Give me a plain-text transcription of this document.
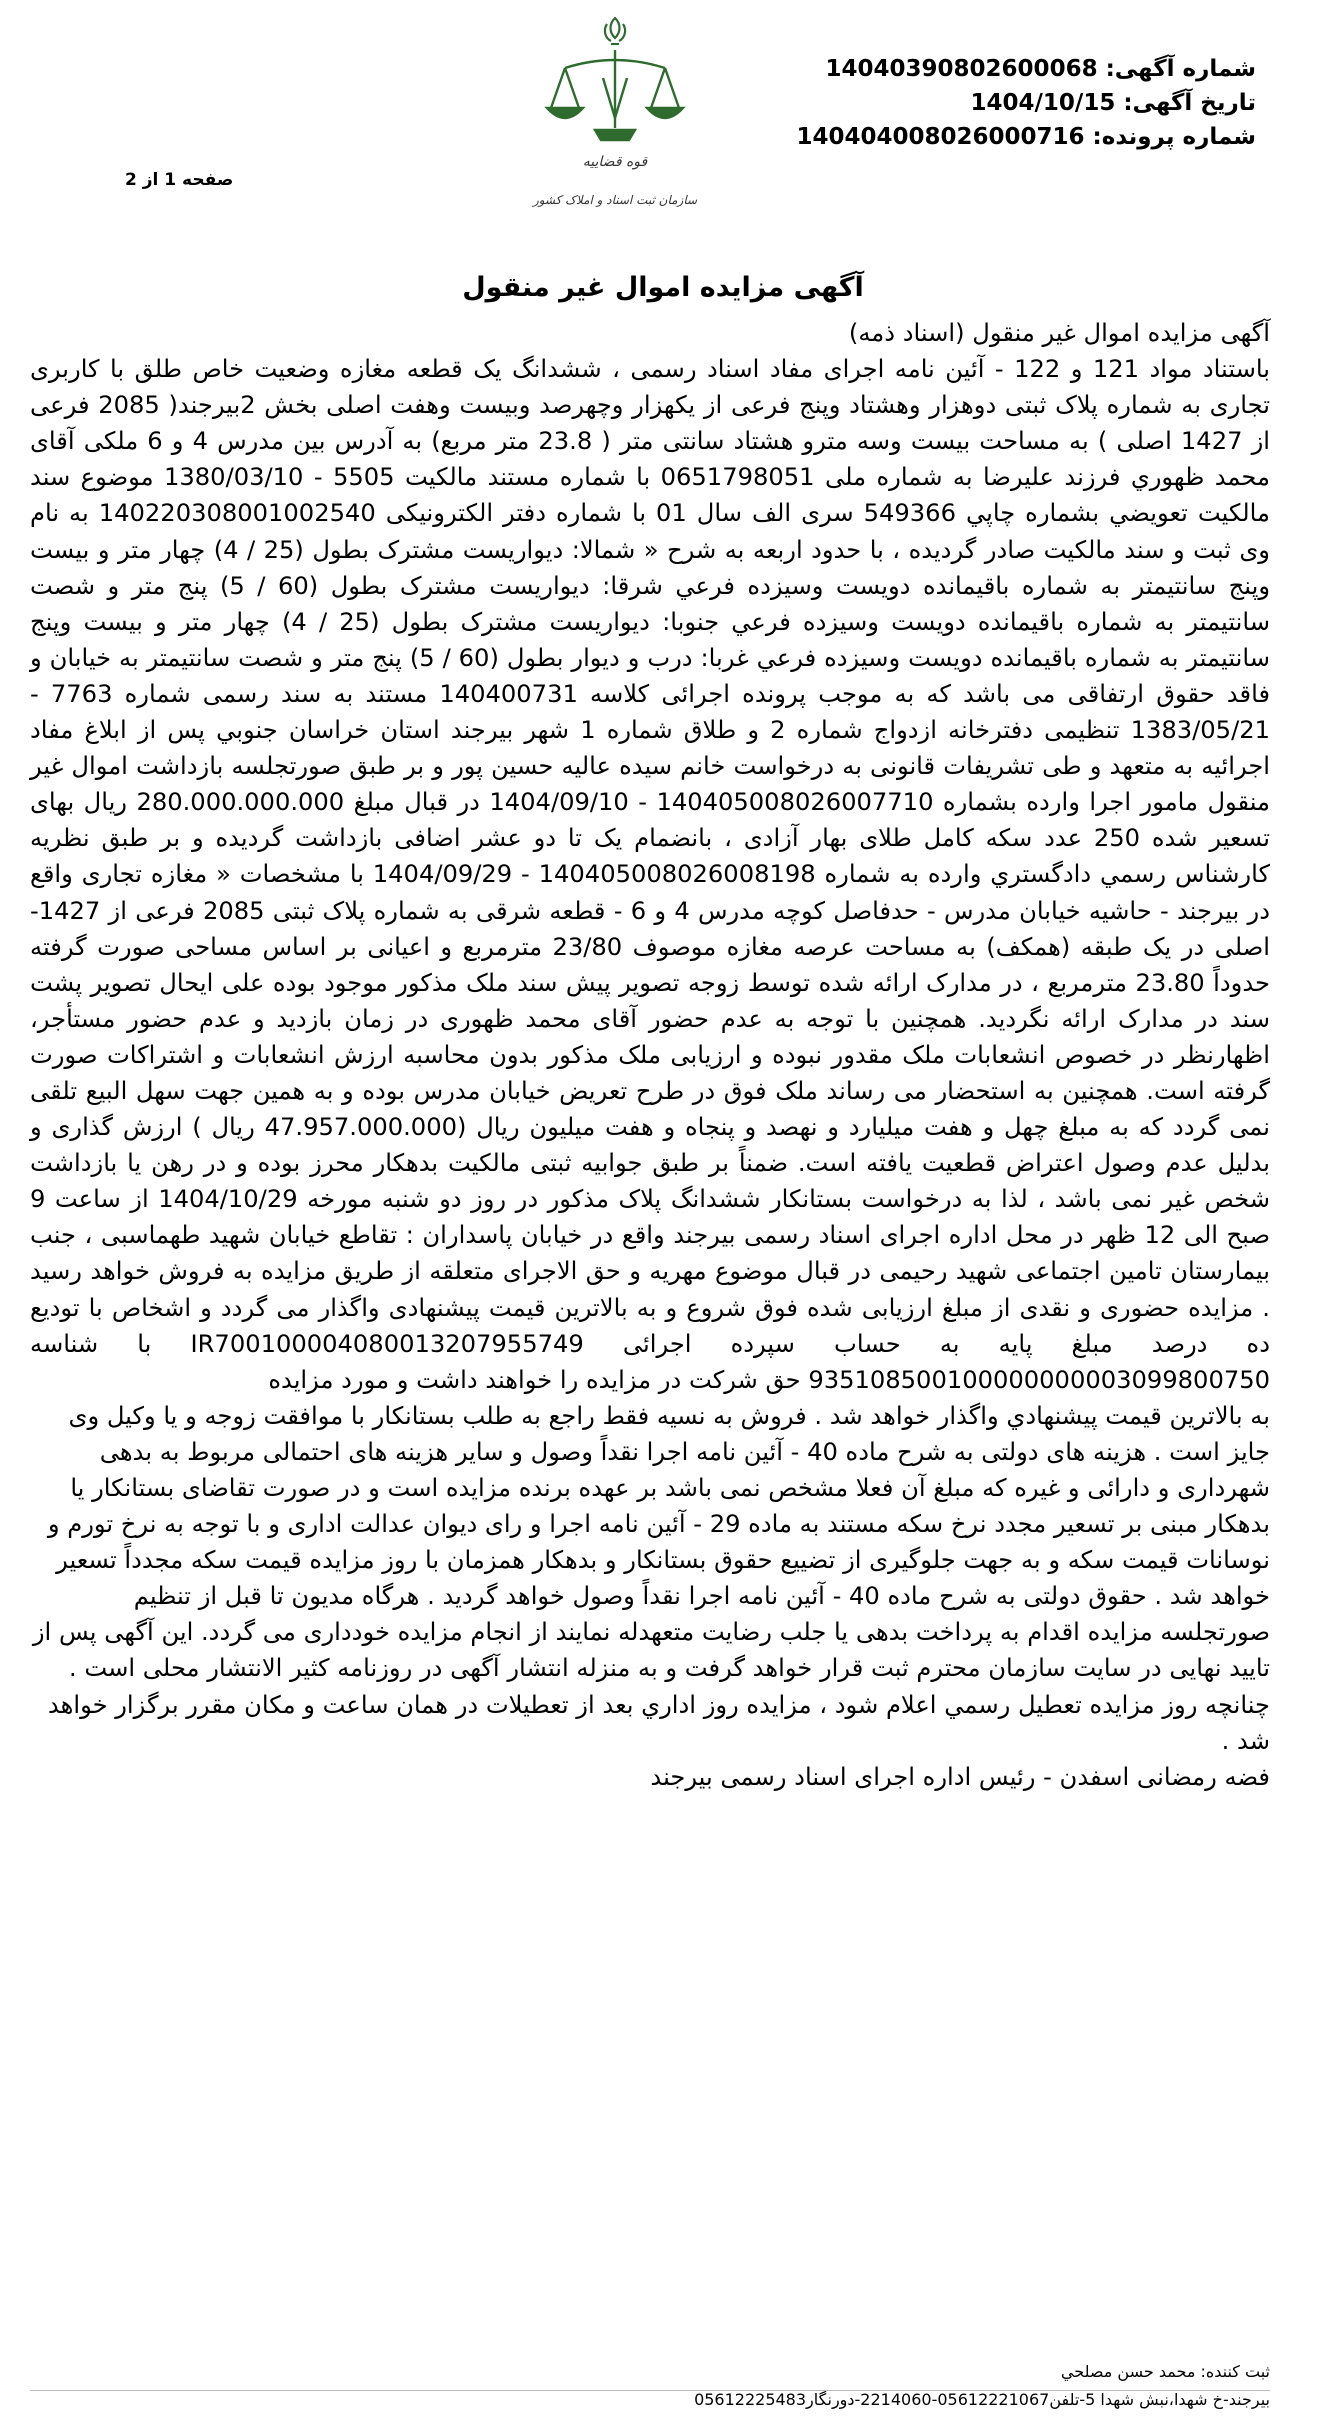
قوه قضاییه
سازمان ثبت اسناد و املاک کشور
شماره آگهی: 14040390802600068
تاریخ آگهی: 1404/10/15
شماره پرونده: 140404008026000716
صفحه 1 از 2
آگهی مزایده اموال غیر منقول

آگهی مزایده اموال غیر منقول (اسناد ذمه)

باستناد مواد 121 و 122 - آئین نامه اجرای مفاد اسناد رسمی ، ششدانگ یک قطعه مغازه وضعیت خاص طلق با کاربری تجاری به شماره پلاک ثبتی دوهزار وهشتاد وپنج فرعی از یکهزار وچهرصد وبیست وهفت اصلی بخش 2بیرجند( 2085 فرعی از 1427 اصلی ) به مساحت بیست وسه مترو هشتاد سانتی متر ( 23.8 متر مربع) به آدرس بین مدرس 4 و 6 ملکی آقای محمد ظهوري فرزند علیرضا به شماره ملی 0651798051 با شماره مستند مالکیت 5505 - 1380/03/10 موضوع سند مالکیت تعویضي بشماره چاپي 549366 سری الف سال 01 با شماره دفتر الکترونیکی 140220308001002540 به نام وی ثبت و سند مالکیت صادر گردیده ، با حدود اربعه به شرح « شمالا: دیواریست مشترک بطول (25 / 4) چهار متر و بیست وپنج سانتیمتر به شماره باقیمانده دویست وسیزده فرعي شرقا: دیواریست مشترک بطول (60 / 5) پنج متر و شصت سانتیمتر به شماره باقیمانده دویست وسیزده فرعي جنوبا: دیواریست مشترک بطول (25 / 4) چهار متر و بیست وپنج سانتیمتر به شماره باقیمانده دویست وسیزده فرعي غربا: درب و دیوار بطول (60 / 5) پنج متر و شصت سانتیمتر به خیابان و فاقد حقوق ارتفاقی می باشد که به موجب پرونده اجرائی کلاسه 140400731 مستند به سند رسمی شماره 7763 - 1383/05/21 تنظیمی دفترخانه ازدواج شماره 2 و طلاق شماره 1 شهر بیرجند استان خراسان جنوبي پس از ابلاغ مفاد اجرائیه به متعهد و طی تشریفات قانونی به درخواست خانم سیده عالیه حسین پور و بر طبق صورتجلسه بازداشت اموال غیر منقول مامور اجرا وارده بشماره 140405008026007710 - 1404/09/10 در قبال مبلغ 280.000.000.000 ریال بهای تسعیر شده 250 عدد سکه کامل طلای بهار آزادی ، بانضمام یک تا دو عشر اضافی بازداشت گردیده و بر طبق نظریه کارشناس رسمي دادگستري وارده به شماره 140405008026008198 - 1404/09/29 با مشخصات « مغازه تجاری واقع در بیرجند - حاشیه خیابان مدرس - حدفاصل کوچه مدرس 4 و 6 - قطعه شرقی به شماره پلاک ثبتی 2085 فرعی از 1427- اصلی در یک طبقه (همکف) به مساحت عرصه مغازه موصوف 23/80 مترمربع و اعیانی بر اساس مساحی صورت گرفته حدوداً 23.80 مترمربع ، در مدارک ارائه شده توسط زوجه تصویر پیش سند ملک مذکور موجود بوده علی ایحال تصویر پشت سند در مدارک ارائه نگردید. همچنین با توجه به عدم حضور آقای محمد ظهوری در زمان بازدید و عدم حضور مستأجر، اظهارنظر در خصوص انشعابات ملک مقدور نبوده و ارزیابی ملک مذکور بدون محاسبه ارزش انشعابات و اشتراکات صورت گرفته است. همچنین به استحضار می رساند ملک فوق در طرح تعریض خیابان مدرس بوده و به همین جهت سهل البیع تلقی نمی گردد که به مبلغ چهل و هفت میلیارد و نهصد و پنجاه و هفت میلیون ریال (47.957.000.000 ریال ) ارزش گذاری و بدلیل عدم وصول اعتراض قطعیت یافته است. ضمناً بر طبق جوابیه ثبتی مالکیت بدهکار محرز بوده و در رهن یا بازداشت شخص غیر نمی باشد ، لذا به درخواست بستانکار ششدانگ پلاک مذکور در روز دو شنبه مورخه 1404/10/29 از ساعت 9 صبح الی 12 ظهر در محل اداره اجرای اسناد رسمی بیرجند واقع در خیابان پاسداران : تقاطع خیابان شهید طهماسبی ، جنب بیمارستان تامین اجتماعی شهید رحیمی در قبال موضوع مهریه و حق الاجرای متعلقه از طریق مزایده به فروش خواهد رسید . مزایده حضوری و نقدی از مبلغ ارزیابی شده فوق شروع و به بالاترین قیمت پیشنهادی واگذار می گردد و اشخاص با تودیع ده درصد مبلغ پایه به حساب سپرده اجرائی IR700100004080013207955749 با شناسه 935108500100000000003099800750 حق شرکت در مزایده را خواهند داشت و مورد مزایده

به بالاترین قیمت پیشنهادي واگذار خواهد شد . فروش به نسیه فقط راجع به طلب بستانکار با موافقت زوجه و یا وکیل وی جایز است . هزینه های دولتی به شرح ماده 40 - آئین نامه اجرا نقداً وصول و سایر هزینه های احتمالی مربوط به بدهی شهرداری و دارائی و غیره که مبلغ آن فعلا مشخص نمی باشد بر عهده برنده مزایده است و در صورت تقاضای بستانکار یا بدهکار مبنی بر تسعیر مجدد نرخ سکه مستند به ماده 29 - آئین نامه اجرا و رای دیوان عدالت اداری و با توجه به نرخ تورم و نوسانات قیمت سکه و به جهت جلوگیری از تضییع حقوق بستانکار و بدهکار همزمان با روز مزایده قیمت سکه مجدداً تسعیر خواهد شد . حقوق دولتی به شرح ماده 40 - آئین نامه اجرا نقداً وصول خواهد گردید . هرگاه مدیون تا قبل از تنظیم صورتجلسه مزایده اقدام به پرداخت بدهی یا جلب رضایت متعهدله نمایند از انجام مزایده خودداری می گردد. این آگهی پس از تایید نهایی در سایت سازمان محترم ثبت قرار خواهد گرفت و به منزله انتشار آگهی در روزنامه کثیر الانتشار محلی است . چنانچه روز مزایده تعطیل رسمي اعلام شود ، مزایده روز اداري بعد از تعطیلات در همان ساعت و مکان مقرر برگزار خواهد شد .

فضه رمضانی اسفدن - رئیس اداره اجرای اسناد رسمی بیرجند

ثبت کننده: محمد حسن مصلحي
بیرجند-خ شهدا،نبش شهدا 5-تلفن05612221067-2214060-دورنگار05612225483
